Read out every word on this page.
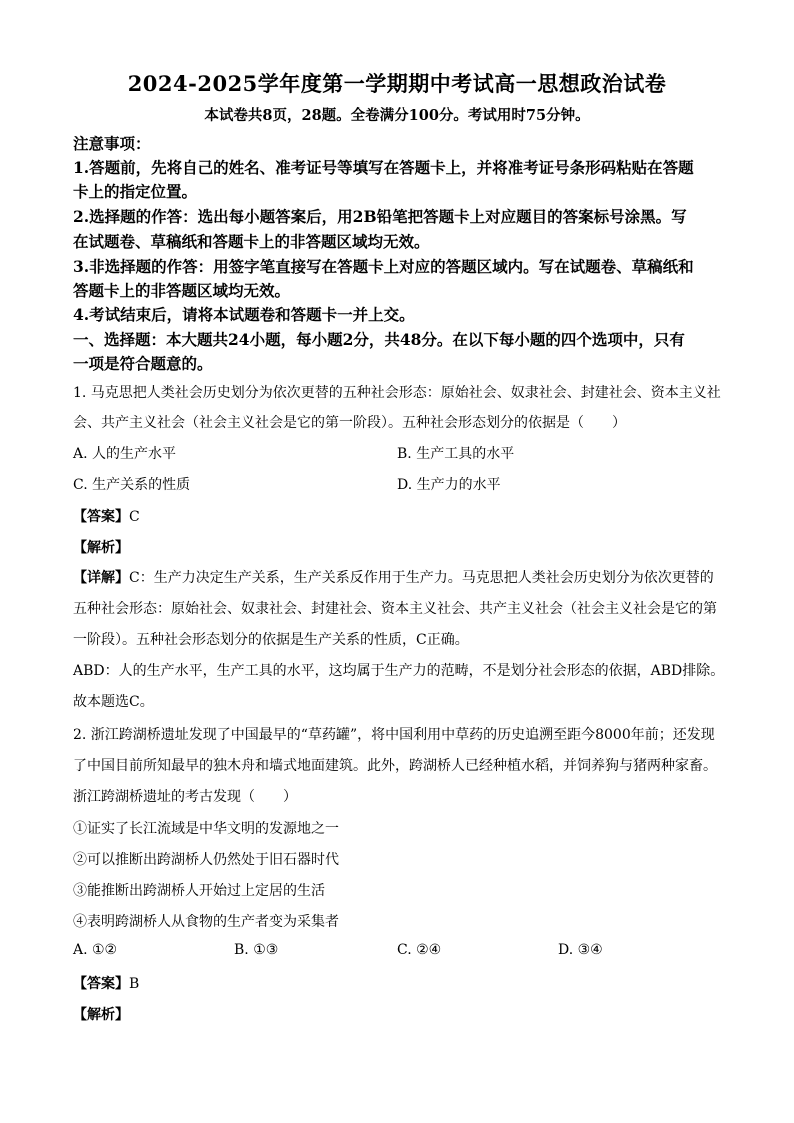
2024-2025学年度第一学期期中考试高一思想政治试卷
本试卷共8页，28题。全卷满分100分。考试用时75分钟。
注意事项：
1.答题前，先将自己的姓名、准考证号等填写在答题卡上，并将准考证号条形码粘贴在答题
卡上的指定位置。
2.选择题的作答：选出每小题答案后，用2B铅笔把答题卡上对应题目的答案标号涂黑。写
在试题卷、草稿纸和答题卡上的非答题区域均无效。
3.非选择题的作答：用签字笔直接写在答题卡上对应的答题区域内。写在试题卷、草稿纸和
答题卡上的非答题区域均无效。
4.考试结束后，请将本试题卷和答题卡一并上交。
一、选择题：本大题共24小题，每小题2分，共48分。在以下每小题的四个选项中，只有
一项是符合题意的。
1. 马克思把人类社会历史划分为依次更替的五种社会形态：原始社会、奴隶社会、封建社会、资本主义社
会、共产主义社会（社会主义社会是它的第一阶段）。五种社会形态划分的依据是（　　）
A. 人的生产水平	B. 生产工具的水平
C. 生产关系的性质	D. 生产力的水平
【答案】C
【解析】
【详解】C：生产力决定生产关系，生产关系反作用于生产力。马克思把人类社会历史划分为依次更替的
五种社会形态：原始社会、奴隶社会、封建社会、资本主义社会、共产主义社会（社会主义社会是它的第
一阶段）。五种社会形态划分的依据是生产关系的性质，C正确。
ABD：人的生产水平，生产工具的水平，这均属于生产力的范畴，不是划分社会形态的依据，ABD排除。
故本题选C。
2. 浙江跨湖桥遗址发现了中国最早的“草药罐”，将中国利用中草药的历史追溯至距今8000年前；还发现
了中国目前所知最早的独木舟和墙式地面建筑。此外，跨湖桥人已经种植水稻，并饲养狗与猪两种家畜。
浙江跨湖桥遗址的考古发现（　　）
①证实了长江流域是中华文明的发源地之一
②可以推断出跨湖桥人仍然处于旧石器时代
③能推断出跨湖桥人开始过上定居的生活
④表明跨湖桥人从食物的生产者变为采集者
A. ①②	B. ①③	C. ②④	D. ③④
【答案】B
【解析】
